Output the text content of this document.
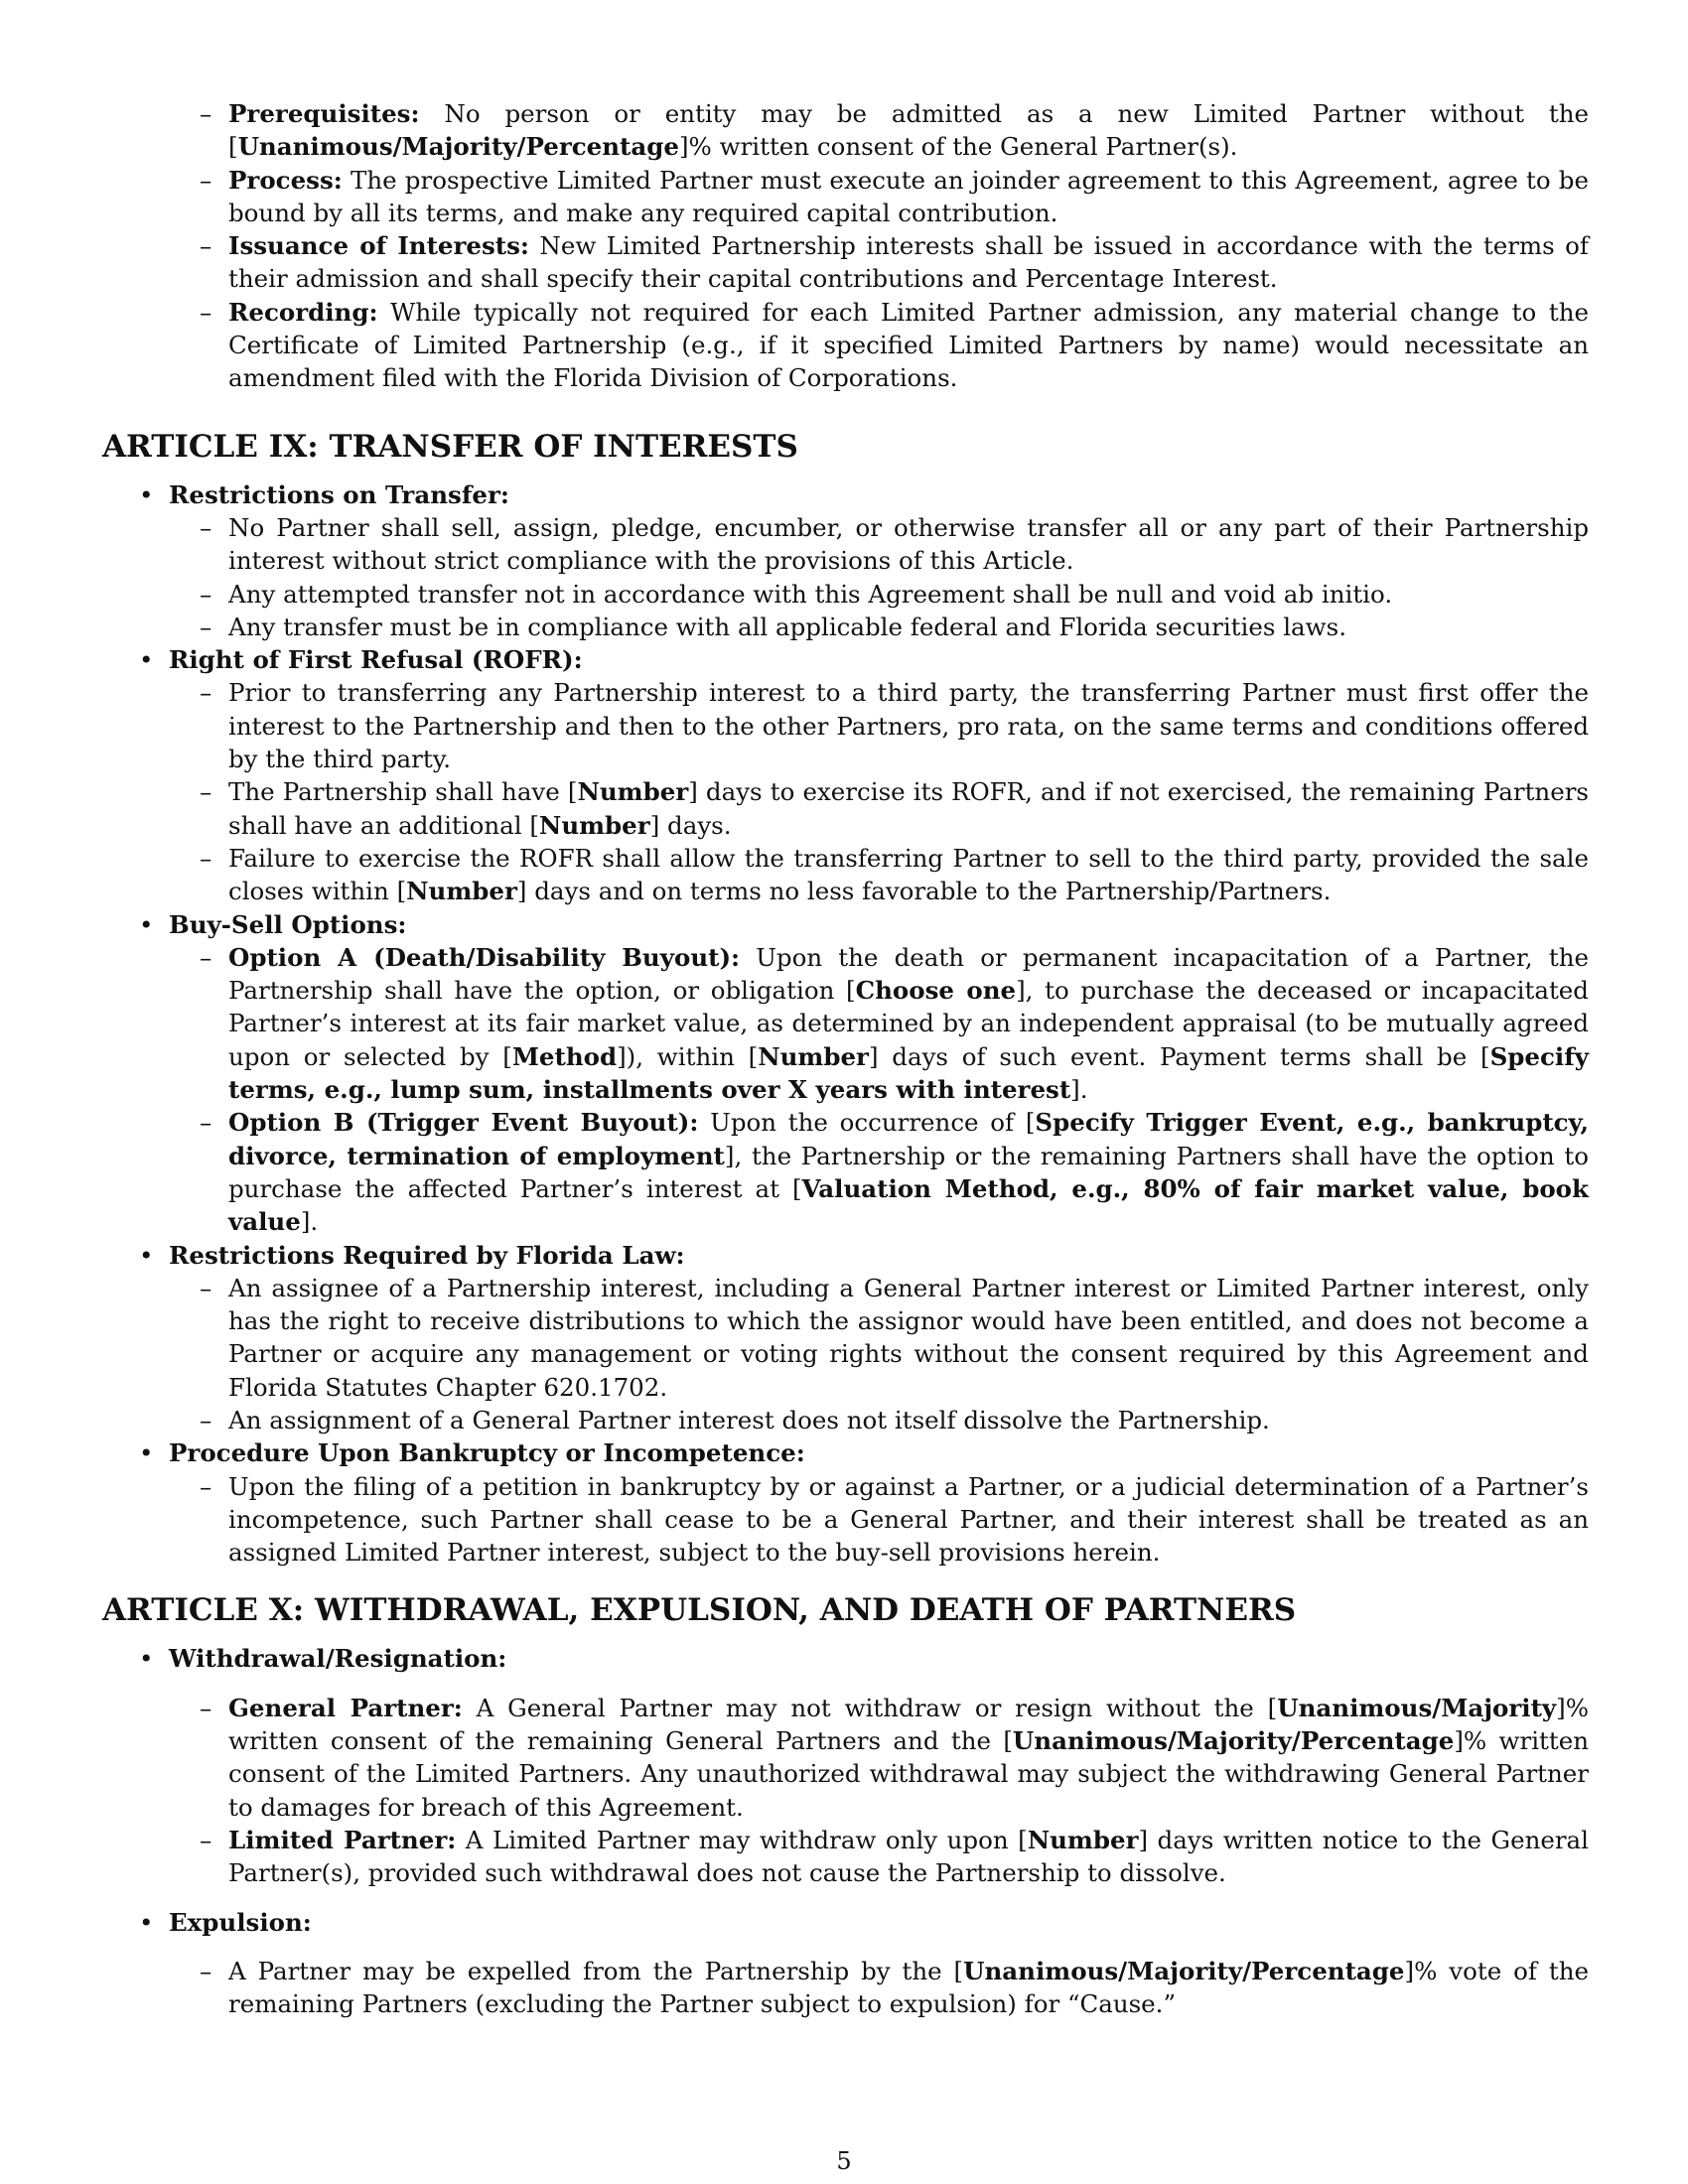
– Prerequisites: No person or entity may be admitted as a new Limited Partner without the [Unanimous/Majority/Percentage]% written consent of the General Partner(s).
– Process: The prospective Limited Partner must execute an joinder agreement to this Agreement, agree to be bound by all its terms, and make any required capital contribution.
– Issuance of Interests: New Limited Partnership interests shall be issued in accordance with the terms of their admission and shall specify their capital contributions and Percentage Interest.
– Recording: While typically not required for each Limited Partner admission, any material change to the Certificate of Limited Partnership (e.g., if it specified Limited Partners by name) would necessitate an amendment filed with the Florida Division of Corporations.
ARTICLE IX: TRANSFER OF INTERESTS
• Restrictions on Transfer:
– No Partner shall sell, assign, pledge, encumber, or otherwise transfer all or any part of their Partnership interest without strict compliance with the provisions of this Article.
– Any attempted transfer not in accordance with this Agreement shall be null and void ab initio.
– Any transfer must be in compliance with all applicable federal and Florida securities laws.
• Right of First Refusal (ROFR):
– Prior to transferring any Partnership interest to a third party, the transferring Partner must first offer the interest to the Partnership and then to the other Partners, pro rata, on the same terms and conditions offered by the third party.
– The Partnership shall have [Number] days to exercise its ROFR, and if not exercised, the remaining Partners shall have an additional [Number] days.
– Failure to exercise the ROFR shall allow the transferring Partner to sell to the third party, provided the sale closes within [Number] days and on terms no less favorable to the Partnership/Partners.
• Buy-Sell Options:
– Option A (Death/Disability Buyout): Upon the death or permanent incapacitation of a Partner, the Partnership shall have the option, or obligation [Choose one], to purchase the deceased or incapacitated Partner’s interest at its fair market value, as determined by an independent appraisal (to be mutually agreed upon or selected by [Method]), within [Number] days of such event. Payment terms shall be [Specify terms, e.g., lump sum, installments over X years with interest].
– Option B (Trigger Event Buyout): Upon the occurrence of [Specify Trigger Event, e.g., bankruptcy, divorce, termination of employment], the Partnership or the remaining Partners shall have the option to purchase the affected Partner’s interest at [Valuation Method, e.g., 80% of fair market value, book value].
• Restrictions Required by Florida Law:
– An assignee of a Partnership interest, including a General Partner interest or Limited Partner interest, only has the right to receive distributions to which the assignor would have been entitled, and does not become a Partner or acquire any management or voting rights without the consent required by this Agreement and Florida Statutes Chapter 620.1702.
– An assignment of a General Partner interest does not itself dissolve the Partnership.
• Procedure Upon Bankruptcy or Incompetence:
– Upon the filing of a petition in bankruptcy by or against a Partner, or a judicial determination of a Partner’s incompetence, such Partner shall cease to be a General Partner, and their interest shall be treated as an assigned Limited Partner interest, subject to the buy-sell provisions herein.
ARTICLE X: WITHDRAWAL, EXPULSION, AND DEATH OF PARTNERS
• Withdrawal/Resignation:
– General Partner: A General Partner may not withdraw or resign without the [Unanimous/Majority]% written consent of the remaining General Partners and the [Unanimous/Majority/Percentage]% written consent of the Limited Partners. Any unauthorized withdrawal may subject the withdrawing General Partner to damages for breach of this Agreement.
– Limited Partner: A Limited Partner may withdraw only upon [Number] days written notice to the General Partner(s), provided such withdrawal does not cause the Partnership to dissolve.
• Expulsion:
– A Partner may be expelled from the Partnership by the [Unanimous/Majority/Percentage]% vote of the remaining Partners (excluding the Partner subject to expulsion) for “Cause.”
5
